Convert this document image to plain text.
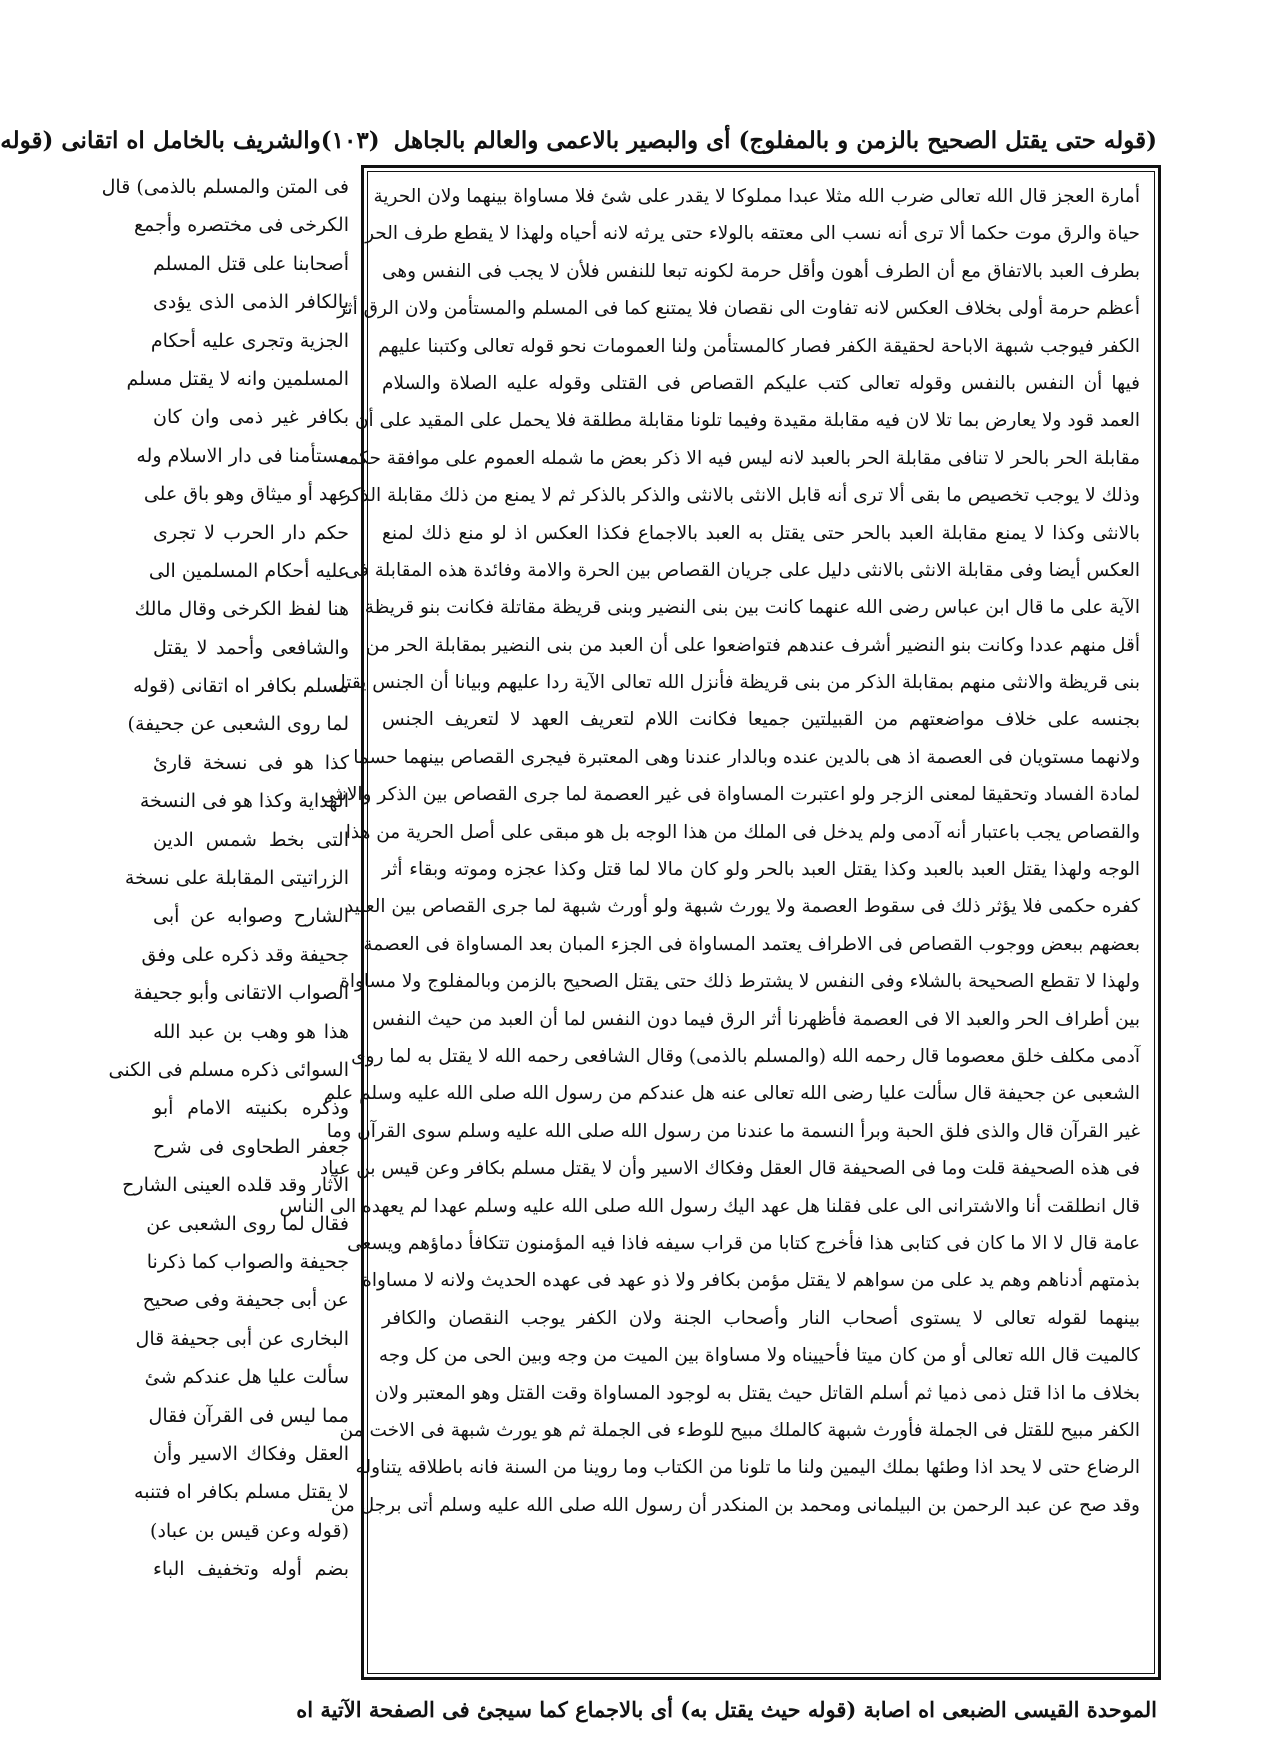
(قوله حتى يقتل الصحيح بالزمن و بالمفلوج) أى والبصير بالاعمى والعالم بالجاهل
(١٠٣)
والشريف بالخامل اه اتقانى (قوله
فى المتن والمسلم بالذمى) قال
الكرخى فى مختصره وأجمع
أصحابنا على قتل المسلم
بالكافر الذمى الذى يؤدى
الجزية وتجرى عليه أحكام
المسلمين وانه لا يقتل مسلم
بكافر غير ذمى وان كان
مستأمنا فى دار الاسلام وله
عهد أو ميثاق وهو باق على
حكم دار الحرب لا تجرى
عليه أحكام المسلمين الى
هنا لفظ الكرخى وقال مالك
والشافعى وأحمد لا يقتل
مسلم بكافر اه اتقانى (قوله
لما روى الشعبى عن جحيفة)
كذا هو فى نسخة قارئ
الهداية وكذا هو فى النسخة
التى بخط شمس الدين
الزراتيتى المقابلة على نسخة
الشارح وصوابه عن أبى
جحيفة وقد ذكره على وفق
الصواب الاتقانى وأبو جحيفة
هذا هو وهب بن عبد الله
السوائى ذكره مسلم فى الكنى
وذكره بكنيته الامام أبو
جعفر الطحاوى فى شرح
الآثار وقد قلده العينى الشارح
فقال لما روى الشعبى عن
جحيفة والصواب كما ذكرنا
عن أبى جحيفة وفى صحيح
البخارى عن أبى جحيفة قال
سألت عليا هل عندكم شئ
مما ليس فى القرآن فقال
العقل وفكاك الاسير وأن
لا يقتل مسلم بكافر اه فتنبه
(قوله وعن قيس بن عباد)
بضم أوله وتخفيف الباء
أمارة العجز قال الله تعالى ضرب الله مثلا عبدا مملوكا لا يقدر على شئ فلا مساواة بينهما ولان الحرية
حياة والرق موت حكما ألا ترى أنه نسب الى معتقه بالولاء حتى يرثه لانه أحياه ولهذا لا يقطع طرف الحر
بطرف العبد بالاتفاق مع أن الطرف أهون وأقل حرمة لكونه تبعا للنفس فلأن لا يجب فى النفس وهى
أعظم حرمة أولى بخلاف العكس لانه تفاوت الى نقصان فلا يمتنع كما فى المسلم والمستأمن ولان الرق أثر
الكفر فيوجب شبهة الاباحة لحقيقة الكفر فصار كالمستأمن ولنا العمومات نحو قوله تعالى وكتبنا عليهم
فيها أن النفس بالنفس وقوله تعالى كتب عليكم القصاص فى القتلى وقوله عليه الصلاة والسلام
العمد قود ولا يعارض بما تلا لان فيه مقابلة مقيدة وفيما تلونا مقابلة مطلقة فلا يحمل على المقيد على أن
مقابلة الحر بالحر لا تنافى مقابلة الحر بالعبد لانه ليس فيه الا ذكر بعض ما شمله العموم على موافقة حكمه
وذلك لا يوجب تخصيص ما بقى ألا ترى أنه قابل الانثى بالانثى والذكر بالذكر ثم لا يمنع من ذلك مقابلة الذكر
بالانثى وكذا لا يمنع مقابلة العبد بالحر حتى يقتل به العبد بالاجماع فكذا العكس اذ لو منع ذلك لمنع
العكس أيضا وفى مقابلة الانثى بالانثى دليل على جريان القصاص بين الحرة والامة وفائدة هذه المقابلة فى
الآية على ما قال ابن عباس رضى الله عنهما كانت بين بنى النضير وبنى قريظة مقاتلة فكانت بنو قريظة
أقل منهم عددا وكانت بنو النضير أشرف عندهم فتواضعوا على أن العبد من بنى النضير بمقابلة الحر من
بنى قريظة والانثى منهم بمقابلة الذكر من بنى قريظة فأنزل الله تعالى الآية ردا عليهم وبيانا أن الجنس يقتل
بجنسه على خلاف مواضعتهم من القبيلتين جميعا فكانت اللام لتعريف العهد لا لتعريف الجنس
ولانهما مستويان فى العصمة اذ هى بالدين عنده وبالدار عندنا وهى المعتبرة فيجرى القصاص بينهما حسما
لمادة الفساد وتحقيقا لمعنى الزجر ولو اعتبرت المساواة فى غير العصمة لما جرى القصاص بين الذكر والانثى
والقصاص يجب باعتبار أنه آدمى ولم يدخل فى الملك من هذا الوجه بل هو مبقى على أصل الحرية من هذا
الوجه ولهذا يقتل العبد بالعبد وكذا يقتل العبد بالحر ولو كان مالا لما قتل وكذا عجزه وموته وبقاء أثر
كفره حكمى فلا يؤثر ذلك فى سقوط العصمة ولا يورث شبهة ولو أورث شبهة لما جرى القصاص بين العبيد
بعضهم ببعض ووجوب القصاص فى الاطراف يعتمد المساواة فى الجزء المبان بعد المساواة فى العصمة
ولهذا لا تقطع الصحيحة بالشلاء وفى النفس لا يشترط ذلك حتى يقتل الصحيح بالزمن وبالمفلوج ولا مساواة
بين أطراف الحر والعبد الا فى العصمة فأظهرنا أثر الرق فيما دون النفس لما أن العبد من حيث النفس
آدمى مكلف خلق معصوما قال رحمه الله (والمسلم بالذمى) وقال الشافعى رحمه الله لا يقتل به لما روى
الشعبى عن جحيفة قال سألت عليا رضى الله تعالى عنه هل عندكم من رسول الله صلى الله عليه وسلم علم
غير القرآن قال والذى فلق الحبة وبرأ النسمة ما عندنا من رسول الله صلى الله عليه وسلم سوى القرآن وما
فى هذه الصحيفة قلت وما فى الصحيفة قال العقل وفكاك الاسير وأن لا يقتل مسلم بكافر وعن قيس بن عباد
قال انطلقت أنا والاشترانى الى على فقلنا هل عهد اليك رسول الله صلى الله عليه وسلم عهدا لم يعهده الى الناس
عامة قال لا الا ما كان فى كتابى هذا فأخرج كتابا من قراب سيفه فاذا فيه المؤمنون تتكافأ دماؤهم ويسعى
بذمتهم أدناهم وهم يد على من سواهم لا يقتل مؤمن بكافر ولا ذو عهد فى عهده الحديث ولانه لا مساواة
بينهما لقوله تعالى لا يستوى أصحاب النار وأصحاب الجنة ولان الكفر يوجب النقصان والكافر
كالميت قال الله تعالى أو من كان ميتا فأحييناه ولا مساواة بين الميت من وجه وبين الحى من كل وجه
بخلاف ما اذا قتل ذمى ذميا ثم أسلم القاتل حيث يقتل به لوجود المساواة وقت القتل وهو المعتبر ولان
الكفر مبيح للقتل فى الجملة فأورث شبهة كالملك مبيح للوطء فى الجملة ثم هو يورث شبهة فى الاخت من
الرضاع حتى لا يحد اذا وطئها بملك اليمين ولنا ما تلونا من الكتاب وما روينا من السنة فانه باطلاقه يتناوله
وقد صح عن عبد الرحمن بن البيلمانى ومحمد بن المنكدر أن رسول الله صلى الله عليه وسلم أتى برجل من
الموحدة القيسى الضبعى اه اصابة (قوله حيث يقتل به) أى بالاجماع كما سيجئ فى الصفحة الآتية اه
